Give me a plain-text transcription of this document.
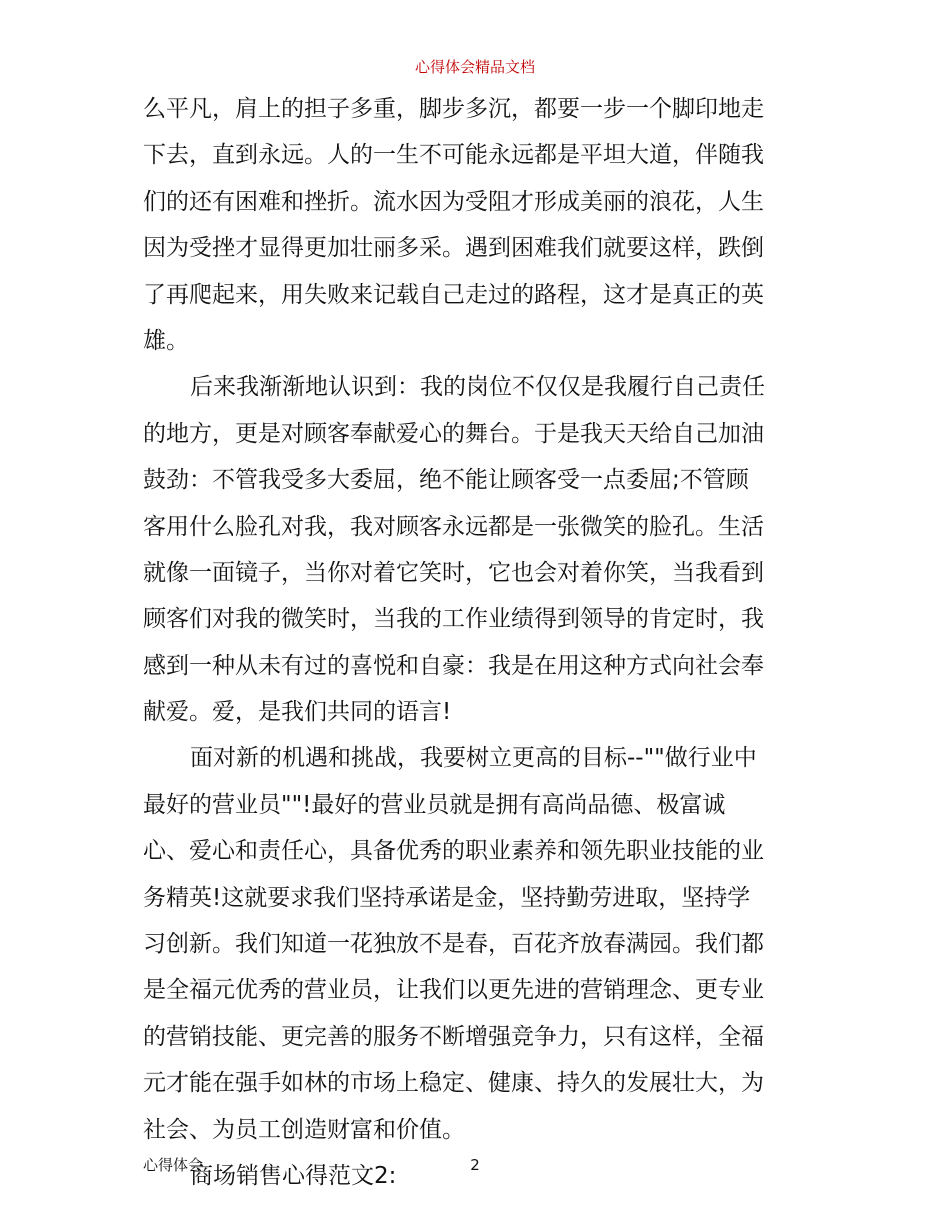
心得体会精品文档
么平凡，肩上的担子多重，脚步多沉，都要一步一个脚印地走
下去，直到永远。人的一生不可能永远都是平坦大道，伴随我
们的还有困难和挫折。流水因为受阻才形成美丽的浪花，人生
因为受挫才显得更加壮丽多采。遇到困难我们就要这样，跌倒
了再爬起来，用失败来记载自己走过的路程，这才是真正的英
雄。
后来我渐渐地认识到：我的岗位不仅仅是我履行自己责任
的地方，更是对顾客奉献爱心的舞台。于是我天天给自己加油
鼓劲：不管我受多大委屈，绝不能让顾客受一点委屈;不管顾
客用什么脸孔对我，我对顾客永远都是一张微笑的脸孔。生活
就像一面镜子，当你对着它笑时，它也会对着你笑，当我看到
顾客们对我的微笑时，当我的工作业绩得到领导的肯定时，我
感到一种从未有过的喜悦和自豪：我是在用这种方式向社会奉
献爱。爱，是我们共同的语言!
面对新的机遇和挑战，我要树立更高的目标--""做行业中
最好的营业员""!最好的营业员就是拥有高尚品德、极富诚
心、爱心和责任心，具备优秀的职业素养和领先职业技能的业
务精英!这就要求我们坚持承诺是金，坚持勤劳进取，坚持学
习创新。我们知道一花独放不是春，百花齐放春满园。我们都
是全福元优秀的营业员，让我们以更先进的营销理念、更专业
的营销技能、更完善的服务不断增强竞争力，只有这样，全福
元才能在强手如林的市场上稳定、健康、持久的发展壮大，为
社会、为员工创造财富和价值。
商场销售心得范文2:
心得体会	2
